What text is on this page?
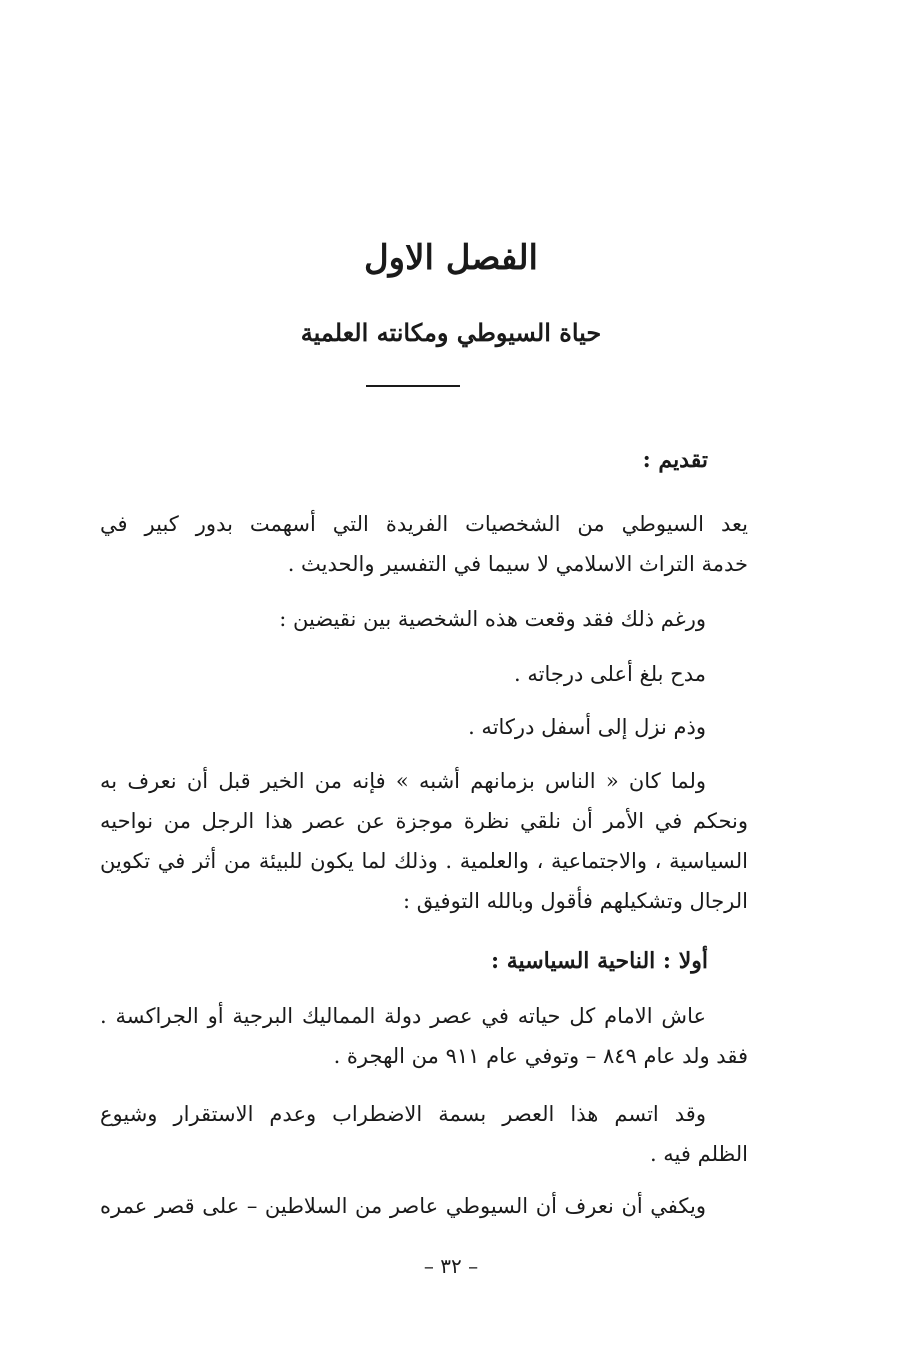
الفصل الاول
حياة السيوطي ومكانته العلمية
تقديم :
يعد السيوطي من الشخصيات الفريدة التي أسهمت بدور كبير في
خدمة التراث الاسلامي لا سيما في التفسير والحديث .
ورغم ذلك فقد وقعت هذه الشخصية بين نقيضين :
مدح بلغ أعلى درجاته .
وذم نزل إلى أسفل دركاته .
ولما كان « الناس بزمانهم أشبه » فإنه من الخير قبل أن نعرف به
ونحكم في الأمر أن نلقي نظرة موجزة عن عصر هذا الرجل من نواحيه
السياسية ، والاجتماعية ، والعلمية . وذلك لما يكون للبيئة من أثر في تكوين
الرجال وتشكيلهم فأقول وبالله التوفيق :
أولا : الناحية السياسية :
عاش الامام كل حياته في عصر دولة المماليك البرجية أو الجراكسة .
فقد ولد عام ٨٤٩ – وتوفي عام ٩١١ من الهجرة .
وقد اتسم هذا العصر بسمة الاضطراب وعدم الاستقرار وشيوع
الظلم فيه .
ويكفي أن نعرف أن السيوطي عاصر من السلاطين – على قصر عمره
– ٣٢ –
